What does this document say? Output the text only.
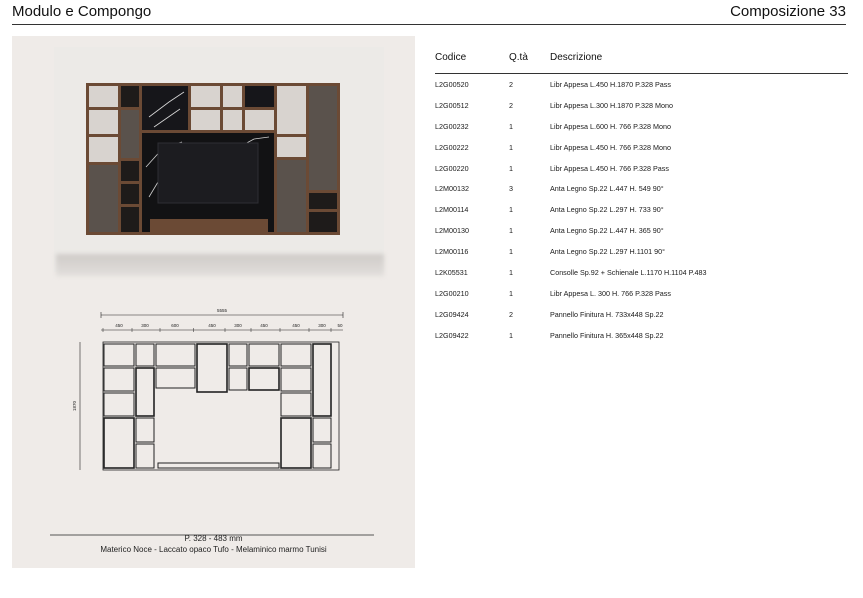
Modulo e Compongo	Composizione 33
5555
450	300	600	450	300	450	450	300	50
1870
P. 328 - 483 mm
Materico Noce - Laccato opaco Tufo - Melaminico marmo Tunisi
Codice	Q.tà	Descrizione
L2G00520	2	Libr Appesa L.450 H.1870 P.328 Pass
L2G00512	2	Libr Appesa L.300 H.1870 P.328 Mono
L2G00232	1	Libr Appesa L.600 H. 766 P.328 Mono
L2G00222	1	Libr Appesa L.450 H. 766 P.328 Mono
L2G00220	1	Libr Appesa L.450 H. 766 P.328 Pass
L2M00132	3	Anta Legno Sp.22 L.447 H. 549 90°
L2M00114	1	Anta Legno Sp.22 L.297 H. 733 90°
L2M00130	1	Anta Legno Sp.22 L.447 H. 365 90°
L2M00116	1	Anta Legno Sp.22 L.297 H.1101 90°
L2K05531	1	Consolle Sp.92 + Schienale L.1170 H.1104 P.483
L2G00210	1	Libr Appesa L. 300 H. 766 P.328 Pass
L2G09424	2	Pannello Finitura H. 733x448 Sp.22
L2G09422	1	Pannello Finitura H. 365x448 Sp.22
